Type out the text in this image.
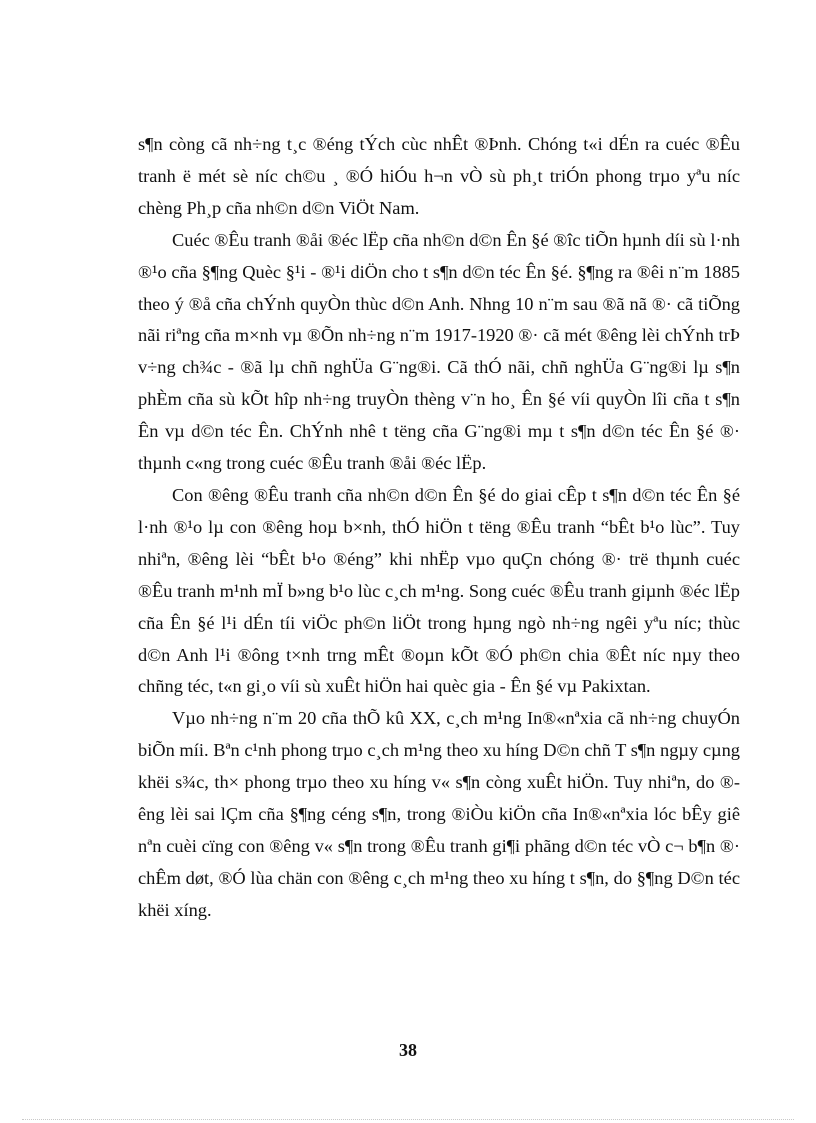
s¶n còng cã nh÷ng t¸c ®éng tÝch cùc nhÊt ®Þnh. Chóng t«i dÉn ra cuéc ®Êu tranh ë mét sè níc ch©u ¸ ®Ó hiÓu h¬n vÒ sù ph¸t triÓn phong trµo yªu níc chèng Ph¸p cña nh©n d©n ViÖt Nam.

Cuéc ®Êu tranh ®åi ®éc lËp cña nh©n d©n Ên §é ®îc tiÕn hµnh díi sù l·nh ®¹o cña §¶ng Quèc §¹i - ®¹i diÖn cho t s¶n d©n téc Ên §é. §¶ng ra ®êi n¨m 1885 theo ý ®å cña chÝnh quyÒn thùc d©n Anh. Nhng 10 n¨m sau ®ã nã ®· cã tiÕng nãi riªng cña m×nh vµ ®Õn nh÷ng n¨m 1917-1920 ®· cã mét ®êng lèi chÝnh trÞ v÷ng ch¾c - ®ã lµ chñ nghÜa G¨ng®i. Cã thÓ nãi, chñ nghÜa G¨ng®i lµ s¶n phÈm cña sù kÕt hîp nh÷ng truyÒn thèng v¨n ho¸ Ên §é víi quyÒn lîi cña t s¶n Ên vµ d©n téc Ên. ChÝnh nhê t tëng cña G¨ng®i mµ t s¶n d©n téc Ên §é ®· thµnh c«ng trong cuéc ®Êu tranh ®åi ®éc lËp.

Con ®êng ®Êu tranh cña nh©n d©n Ên §é do giai cÊp t s¶n d©n téc Ên §é l·nh ®¹o lµ con ®êng hoµ b×nh, thÓ hiÖn t tëng ®Êu tranh “bÊt b¹o lùc”. Tuy nhiªn, ®êng lèi “bÊt b¹o ®éng” khi nhËp vµo quÇn chóng ®· trë thµnh cuéc ®Êu tranh m¹nh mÏ b»ng b¹o lùc c¸ch m¹ng. Song cuéc ®Êu tranh giµnh ®éc lËp cña Ên §é l¹i dÉn tíi viÖc ph©n liÖt trong hµng ngò nh÷ng ngêi yªu níc; thùc d©n Anh l¹i ®ông t×nh trng mÊt ®oµn kÕt ®Ó ph©n chia ®Êt níc nµy theo chñng téc, t«n gi¸o víi sù xuÊt hiÖn hai quèc gia - Ên §é vµ Pakixtan.

Vµo nh÷ng n¨m 20 cña thÕ kû XX, c¸ch m¹ng In®«nªxia cã nh÷ng chuyÓn biÕn míi. Bªn c¹nh phong trµo c¸ch m¹ng theo xu híng D©n chñ T s¶n ngµy cµng khëi s¾c, th× phong trµo theo xu híng v« s¶n còng xuÊt hiÖn. Tuy nhiªn, do ®êng lèi sai lÇm cña §¶ng céng s¶n, trong ®iÒu kiÖn cña In®«nªxia lóc bÊy giê nªn cuèi cïng con ®êng v« s¶n trong ®Êu tranh gi¶i phãng d©n téc vÒ c¬ b¶n ®· chÊm døt, ®Ó lùa chän con ®êng c¸ch m¹ng theo xu híng t s¶n, do §¶ng D©n téc khëi xíng.

38
